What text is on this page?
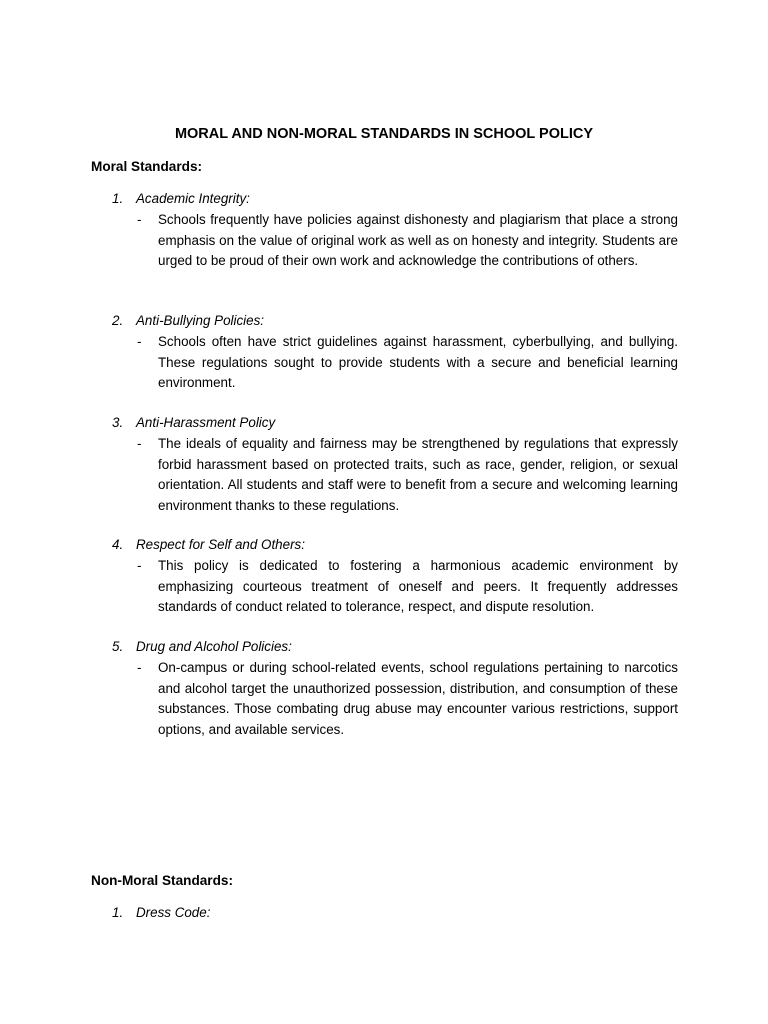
MORAL AND NON-MORAL STANDARDS IN SCHOOL POLICY
Moral Standards:
1. Academic Integrity:
- Schools frequently have policies against dishonesty and plagiarism that place a strong emphasis on the value of original work as well as on honesty and integrity. Students are urged to be proud of their own work and acknowledge the contributions of others.
2. Anti-Bullying Policies:
- Schools often have strict guidelines against harassment, cyberbullying, and bullying. These regulations sought to provide students with a secure and beneficial learning environment.
3. Anti-Harassment Policy
- The ideals of equality and fairness may be strengthened by regulations that expressly forbid harassment based on protected traits, such as race, gender, religion, or sexual orientation. All students and staff were to benefit from a secure and welcoming learning environment thanks to these regulations.
4. Respect for Self and Others:
- This policy is dedicated to fostering a harmonious academic environment by emphasizing courteous treatment of oneself and peers. It frequently addresses standards of conduct related to tolerance, respect, and dispute resolution.
5. Drug and Alcohol Policies:
- On-campus or during school-related events, school regulations pertaining to narcotics and alcohol target the unauthorized possession, distribution, and consumption of these substances. Those combating drug abuse may encounter various restrictions, support options, and available services.
Non-Moral Standards:
1. Dress Code:
